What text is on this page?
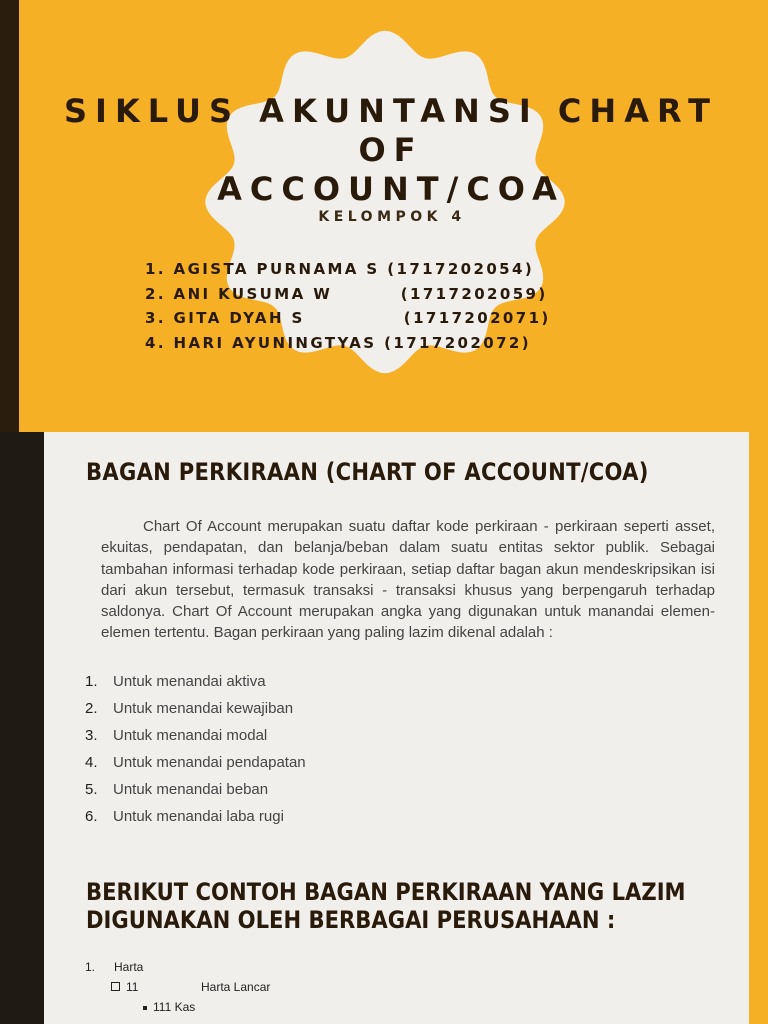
SIKLUS AKUNTANSI CHART OF
ACCOUNT/COA
KELOMPOK 4
1. AGISTA PURNAMA S (1717202054)
2. ANI KUSUMA W         (1717202059)
3. GITA DYAH S             (1717202071)
4. HARI AYUNINGTYAS (1717202072)
BAGAN PERKIRAAN (CHART OF ACCOUNT/COA)

Chart Of Account merupakan suatu daftar kode perkiraan - perkiraan seperti asset, ekuitas, pendapatan, dan belanja/beban dalam suatu entitas sektor publik. Sebagai tambahan informasi terhadap kode perkiraan, setiap daftar bagan akun mendeskripsikan isi dari akun tersebut, termasuk transaksi - transaksi khusus yang berpengaruh terhadap saldonya. Chart Of Account merupakan angka yang digunakan untuk manandai elemen-elemen tertentu. Bagan perkiraan yang paling lazim dikenal adalah :

1. Untuk menandai aktiva
2. Untuk menandai kewajiban
3. Untuk menandai modal
4. Untuk menandai pendapatan
5. Untuk menandai beban
6. Untuk menandai laba rugi
BERIKUT CONTOH BAGAN PERKIRAAN YANG LAZIM
DIGUNAKAN OLEH BERBAGAI PERUSAHAAN :
1. Harta
11	Harta Lancar
111 Kas
